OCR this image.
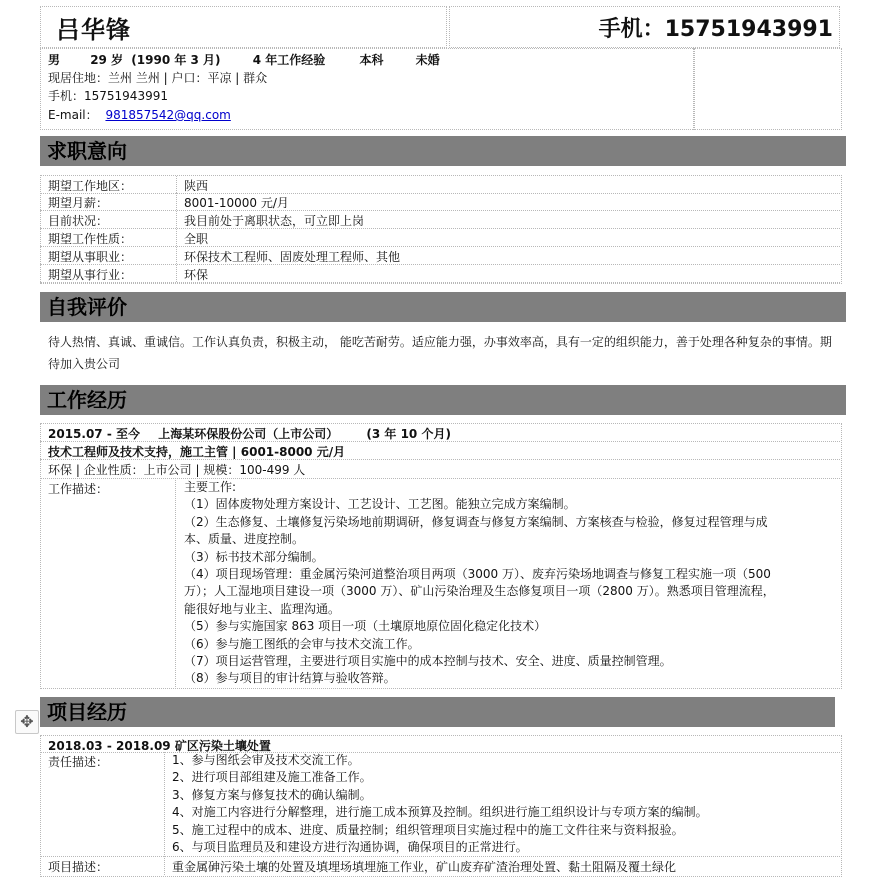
吕华锋	手机：15751943991
男	29 岁 (1990 年 3 月)	4 年工作经验	本科	未婚
现居住地：兰州 兰州 | 户口：平凉 | 群众
手机：15751943991
E-mail： 981857542@qq.com
求职意向
期望工作地区：	陕西
期望月薪：	8001-10000 元/月
目前状况：	我目前处于离职状态，可立即上岗
期望工作性质：	全职
期望从事职业：	环保技术工程师、固废处理工程师、其他
期望从事行业：	环保
自我评价
待人热情、真诚、重诚信。工作认真负责，积极主动， 能吃苦耐劳。适应能力强，办事效率高，具有一定的组织能力，善于处理各种复杂的事情。期待加入贵公司
工作经历
2015.07 - 至今 上海某环保股份公司（上市公司） (3 年 10 个月)
技术工程师及技术支持，施工主管 | 6001-8000 元/月
环保 | 企业性质：上市公司 | 规模：100-499 人
工作描述：	主要工作:
（1）固体废物处理方案设计、工艺设计、工艺图。能独立完成方案编制。
（2）生态修复、土壤修复污染场地前期调研，修复调查与修复方案编制、方案核查与检验，修复过程管理与成
本、质量、进度控制。
（3）标书技术部分编制。
（4）项目现场管理：重金属污染河道整治项目两项（3000 万）、废弃污染场地调查与修复工程实施一项（500
万）；人工湿地项目建设一项（3000 万）、矿山污染治理及生态修复项目一项（2800 万）。熟悉项目管理流程，
能很好地与业主、监理沟通。
（5）参与实施国家 863 项目一项（土壤原地原位固化稳定化技术）
（6）参与施工图纸的会审与技术交流工作。
（7）项目运营管理，主要进行项目实施中的成本控制与技术、安全、进度、质量控制管理。
（8）参与项目的审计结算与验收答辩。
✥ 项目经历
2018.03 - 2018.09 矿区污染土壤处置
责任描述：	1、参与图纸会审及技术交流工作。
2、进行项目部组建及施工准备工作。
3、修复方案与修复技术的确认编制。
4、对施工内容进行分解整理，进行施工成本预算及控制。组织进行施工组织设计与专项方案的编制。
5、施工过程中的成本、进度、质量控制；组织管理项目实施过程中的施工文件往来与资料报验。
6、与项目监理员及和建设方进行沟通协调，确保项目的正常进行。
项目描述：	重金属砷污染土壤的处置及填埋场填埋施工作业，矿山废弃矿渣治理处置、黏土阻隔及覆土绿化
